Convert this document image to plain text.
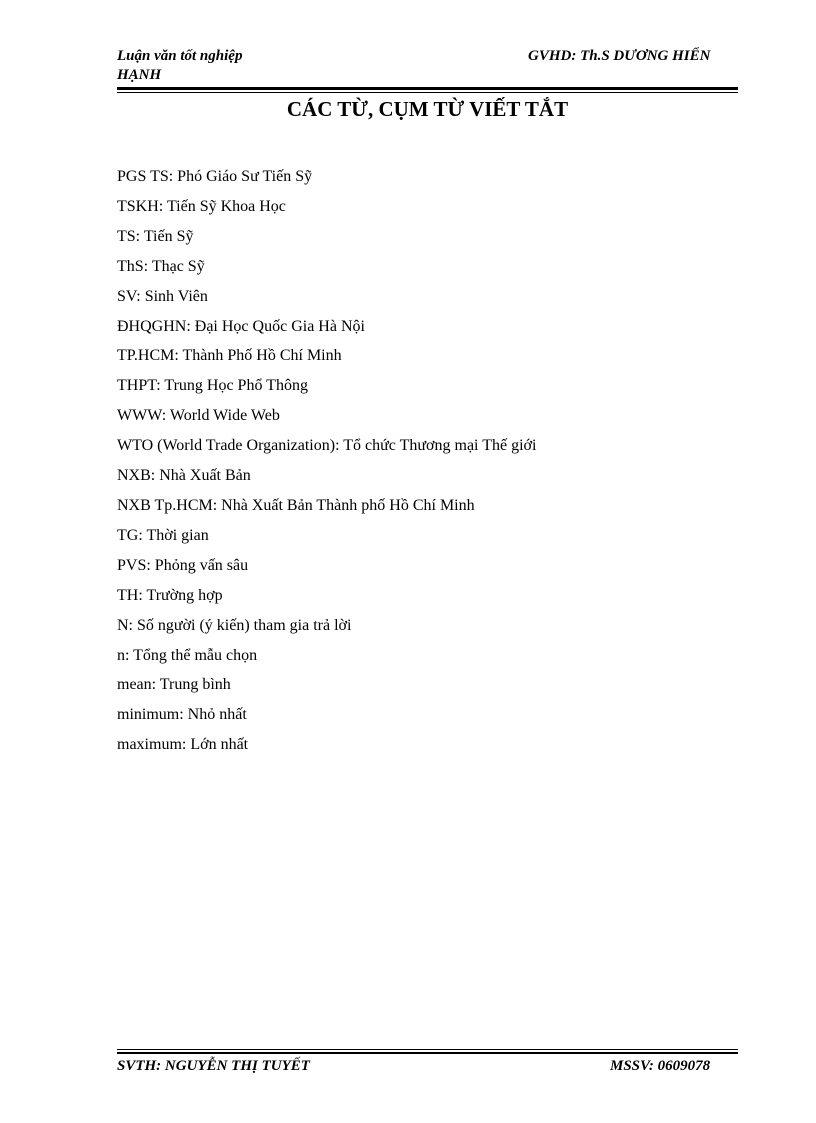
Luận văn tốt nghiệp
HẠNH
GVHD: Th.S DƯƠNG HIỂN
CÁC TỪ, CỤM TỪ VIẾT TẮT
PGS TS: Phó Giáo Sư Tiến Sỹ
TSKH: Tiến Sỹ Khoa Học
TS: Tiến Sỹ
ThS: Thạc Sỹ
SV: Sinh Viên
ĐHQGHN: Đại Học Quốc Gia Hà Nội
TP.HCM: Thành Phố Hồ Chí Minh
THPT: Trung Học Phổ Thông
WWW: World Wide Web
WTO (World Trade Organization): Tổ chức Thương mại Thế giới
NXB: Nhà Xuất Bản
NXB Tp.HCM: Nhà Xuất Bản Thành phố Hồ Chí Minh
TG: Thời gian
PVS: Phỏng vấn sâu
TH: Trường hợp
N: Số người (ý kiến) tham gia trả lời
n: Tổng thể mẫu chọn
mean: Trung bình
minimum: Nhỏ nhất
maximum: Lớn nhất
SVTH: NGUYỄN THỊ TUYẾT	MSSV: 0609078
